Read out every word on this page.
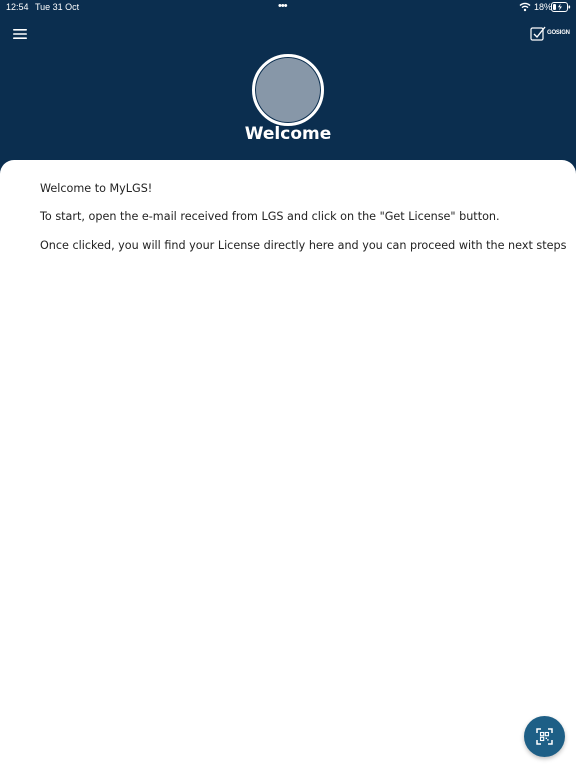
12:54 Tue 31 Oct	•••	18%
GOSIGN
Welcome
Welcome to MyLGS!
To start, open the e-mail received from LGS and click on the "Get License" button.
Once clicked, you will find your License directly here and you can proceed with the next steps
